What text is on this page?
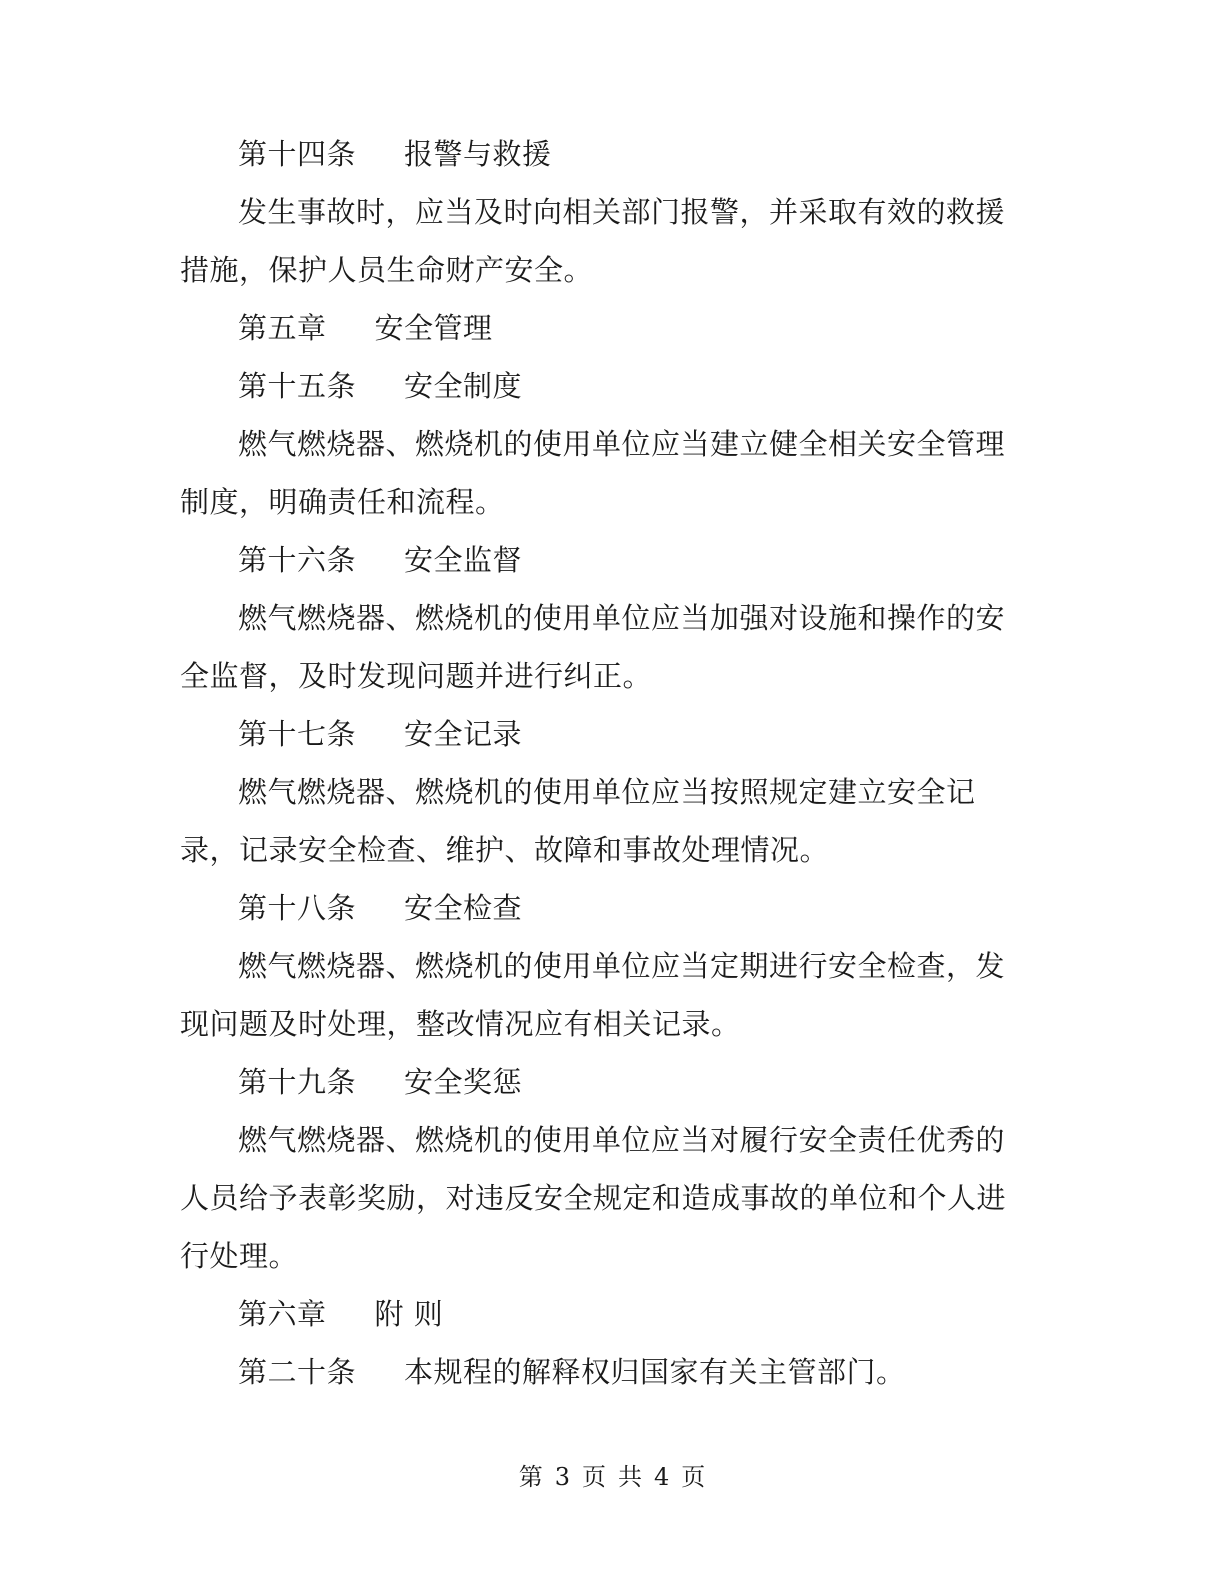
第十四条 报警与救援
发生事故时，应当及时向相关部门报警，并采取有效的救援
措施，保护人员生命财产安全。
第五章 安全管理
第十五条 安全制度
燃气燃烧器、燃烧机的使用单位应当建立健全相关安全管理
制度，明确责任和流程。
第十六条 安全监督
燃气燃烧器、燃烧机的使用单位应当加强对设施和操作的安
全监督，及时发现问题并进行纠正。
第十七条 安全记录
燃气燃烧器、燃烧机的使用单位应当按照规定建立安全记
录，记录安全检查、维护、故障和事故处理情况。
第十八条 安全检查
燃气燃烧器、燃烧机的使用单位应当定期进行安全检查，发
现问题及时处理，整改情况应有相关记录。
第十九条 安全奖惩
燃气燃烧器、燃烧机的使用单位应当对履行安全责任优秀的
人员给予表彰奖励，对违反安全规定和造成事故的单位和个人进
行处理。
第六章 附 则
第二十条 本规程的解释权归国家有关主管部门。
第 3 页 共 4 页
